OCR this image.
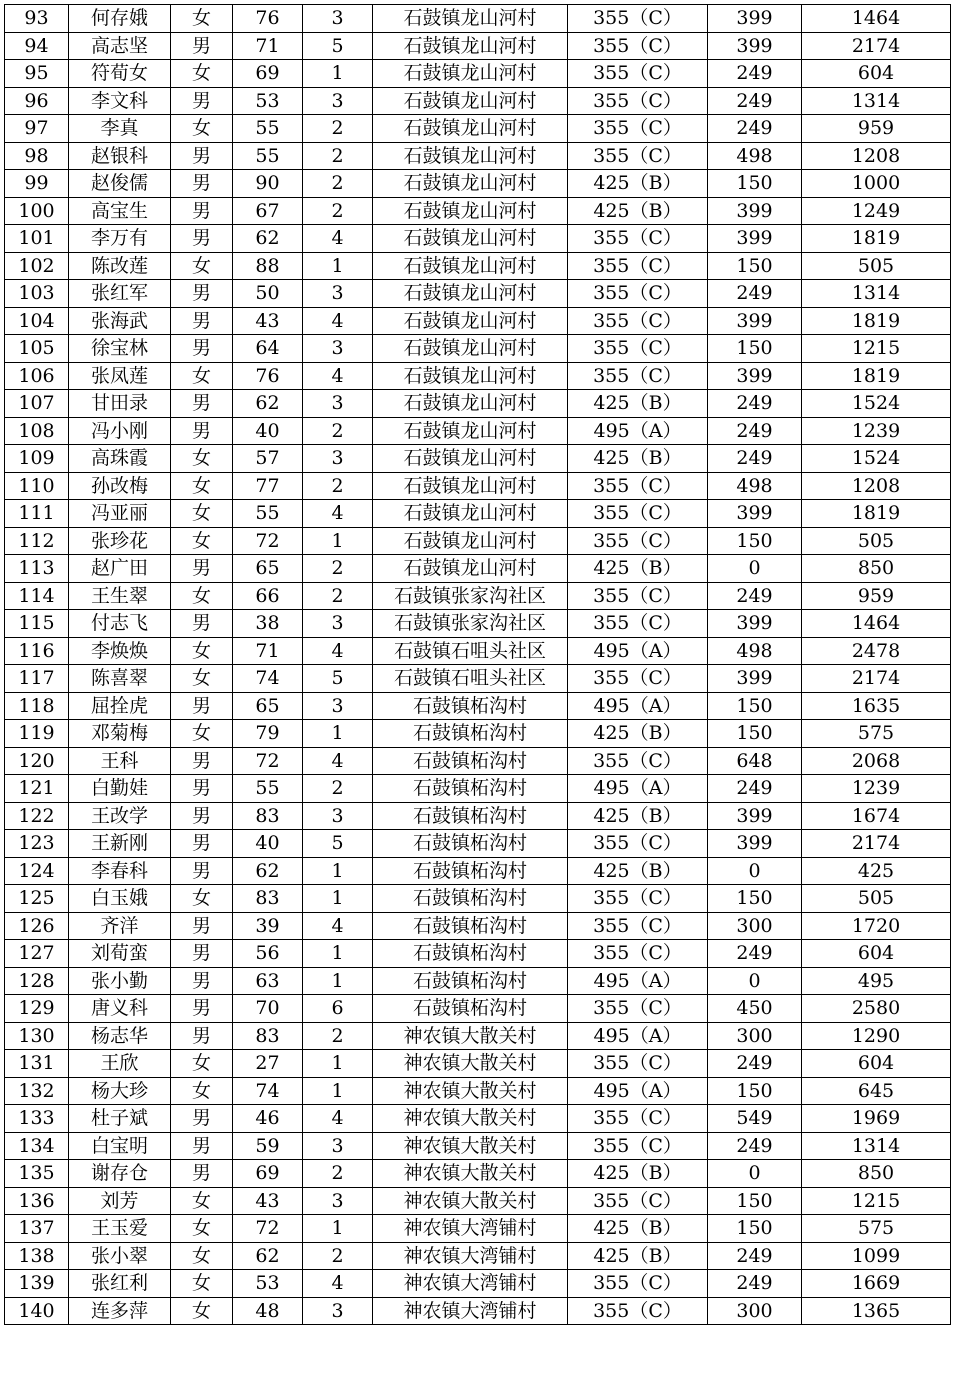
93	何存娥	女	76	3	石鼓镇龙山河村	355（C）	399	1464
94	高志坚	男	71	5	石鼓镇龙山河村	355（C）	399	2174
95	符荀女	女	69	1	石鼓镇龙山河村	355（C）	249	604
96	李文科	男	53	3	石鼓镇龙山河村	355（C）	249	1314
97	李真	女	55	2	石鼓镇龙山河村	355（C）	249	959
98	赵银科	男	55	2	石鼓镇龙山河村	355（C）	498	1208
99	赵俊儒	男	90	2	石鼓镇龙山河村	425（B）	150	1000
100	高宝生	男	67	2	石鼓镇龙山河村	425（B）	399	1249
101	李万有	男	62	4	石鼓镇龙山河村	355（C）	399	1819
102	陈改莲	女	88	1	石鼓镇龙山河村	355（C）	150	505
103	张红军	男	50	3	石鼓镇龙山河村	355（C）	249	1314
104	张海武	男	43	4	石鼓镇龙山河村	355（C）	399	1819
105	徐宝林	男	64	3	石鼓镇龙山河村	355（C）	150	1215
106	张凤莲	女	76	4	石鼓镇龙山河村	355（C）	399	1819
107	甘田录	男	62	3	石鼓镇龙山河村	425（B）	249	1524
108	冯小刚	男	40	2	石鼓镇龙山河村	495（A）	249	1239
109	高珠霞	女	57	3	石鼓镇龙山河村	425（B）	249	1524
110	孙改梅	女	77	2	石鼓镇龙山河村	355（C）	498	1208
111	冯亚丽	女	55	4	石鼓镇龙山河村	355（C）	399	1819
112	张珍花	女	72	1	石鼓镇龙山河村	355（C）	150	505
113	赵广田	男	65	2	石鼓镇龙山河村	425（B）	0	850
114	王生翠	女	66	2	石鼓镇张家沟社区	355（C）	249	959
115	付志飞	男	38	3	石鼓镇张家沟社区	355（C）	399	1464
116	李焕焕	女	71	4	石鼓镇石咀头社区	495（A）	498	2478
117	陈喜翠	女	74	5	石鼓镇石咀头社区	355（C）	399	2174
118	屈拴虎	男	65	3	石鼓镇柘沟村	495（A）	150	1635
119	邓菊梅	女	79	1	石鼓镇柘沟村	425（B）	150	575
120	王科	男	72	4	石鼓镇柘沟村	355（C）	648	2068
121	白勤娃	男	55	2	石鼓镇柘沟村	495（A）	249	1239
122	王改学	男	83	3	石鼓镇柘沟村	425（B）	399	1674
123	王新刚	男	40	5	石鼓镇柘沟村	355（C）	399	2174
124	李春科	男	62	1	石鼓镇柘沟村	425（B）	0	425
125	白玉娥	女	83	1	石鼓镇柘沟村	355（C）	150	505
126	齐洋	男	39	4	石鼓镇柘沟村	355（C）	300	1720
127	刘荀蛮	男	56	1	石鼓镇柘沟村	355（C）	249	604
128	张小勤	男	63	1	石鼓镇柘沟村	495（A）	0	495
129	唐义科	男	70	6	石鼓镇柘沟村	355（C）	450	2580
130	杨志华	男	83	2	神农镇大散关村	495（A）	300	1290
131	王欣	女	27	1	神农镇大散关村	355（C）	249	604
132	杨大珍	女	74	1	神农镇大散关村	495（A）	150	645
133	杜子斌	男	46	4	神农镇大散关村	355（C）	549	1969
134	白宝明	男	59	3	神农镇大散关村	355（C）	249	1314
135	谢存仓	男	69	2	神农镇大散关村	425（B）	0	850
136	刘芳	女	43	3	神农镇大散关村	355（C）	150	1215
137	王玉爱	女	72	1	神农镇大湾铺村	425（B）	150	575
138	张小翠	女	62	2	神农镇大湾铺村	425（B）	249	1099
139	张红利	女	53	4	神农镇大湾铺村	355（C）	249	1669
140	连多萍	女	48	3	神农镇大湾铺村	355（C）	300	1365
